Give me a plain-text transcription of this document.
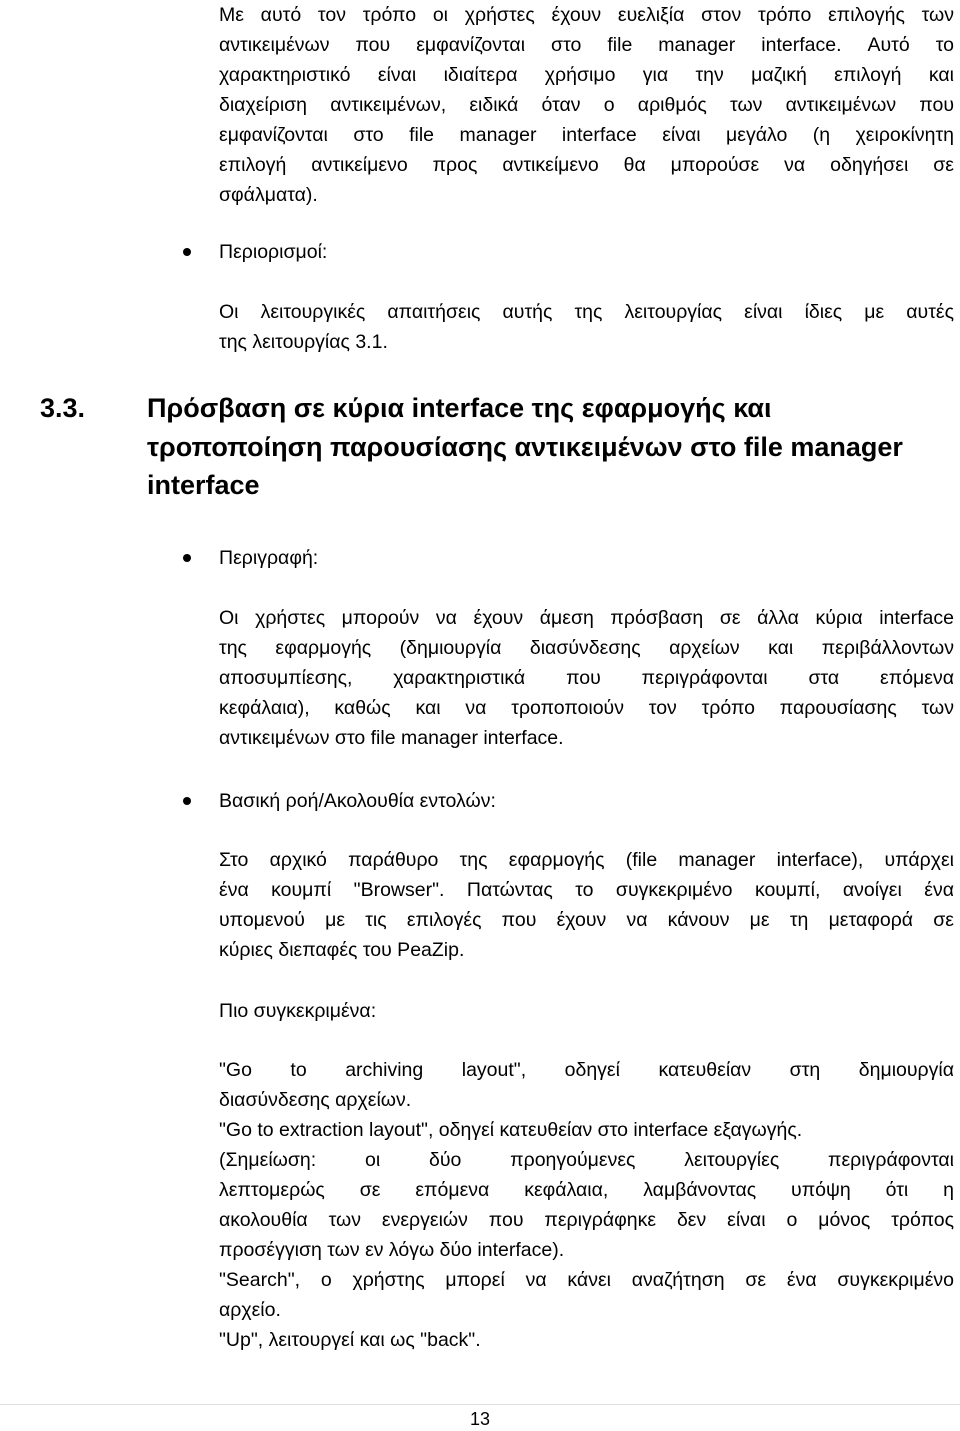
Με αυτό τον τρόπο οι χρήστες έχουν ευελιξία στον τρόπο επιλογής των
αντικειμένων που εμφανίζονται στο file manager interface. Αυτό το
χαρακτηριστικό είναι ιδιαίτερα χρήσιμο για την μαζική επιλογή και
διαχείριση αντικειμένων, ειδικά όταν ο αριθμός των αντικειμένων που
εμφανίζονται στο file manager interface είναι μεγάλο (η χειροκίνητη
επιλογή αντικείμενο προς αντικείμενο θα μπορούσε να οδηγήσει σε
σφάλματα).

Περιορισμοί:

Οι λειτουργικές απαιτήσεις αυτής της λειτουργίας είναι ίδιες με αυτές
της λειτουργίας 3.1.
3.3. Πρόσβαση σε κύρια interface της εφαρμογής και
τροποποίηση παρουσίασης αντικειμένων στο file manager
interface

Περιγραφή:

Οι χρήστες μπορούν να έχουν άμεση πρόσβαση σε άλλα κύρια interface
της εφαρμογής (δημιουργία διασύνδεσης αρχείων και περιβάλλοντων
αποσυμπίεσης, χαρακτηριστικά που περιγράφονται στα επόμενα
κεφάλαια), καθώς και να τροποποιούν τον τρόπο παρουσίασης των
αντικειμένων στο file manager interface.

Βασική ροή/Ακολουθία εντολών:

Στο αρχικό παράθυρο της εφαρμογής (file manager interface), υπάρχει
ένα κουμπί "Browser". Πατώντας το συγκεκριμένο κουμπί, ανοίγει ένα
υπομενού με τις επιλογές που έχουν να κάνουν με τη μεταφορά σε
κύριες διεπαφές του PeaZip.

Πιο συγκεκριμένα:

"Go to archiving layout", οδηγεί κατευθείαν στη δημιουργία
διασύνδεσης αρχείων.
"Go to extraction layout", οδηγεί κατευθείαν στο interface εξαγωγής.
(Σημείωση: οι δύο προηγούμενες λειτουργίες περιγράφονται
λεπτομερώς σε επόμενα κεφάλαια, λαμβάνοντας υπόψη ότι η
ακολουθία των ενεργειών που περιγράφηκε δεν είναι ο μόνος τρόπος
προσέγγιση των εν λόγω δύο interface).
"Search", ο χρήστης μπορεί να κάνει αναζήτηση σε ένα συγκεκριμένο
αρχείο.
"Up", λειτουργεί και ως "back".
13
